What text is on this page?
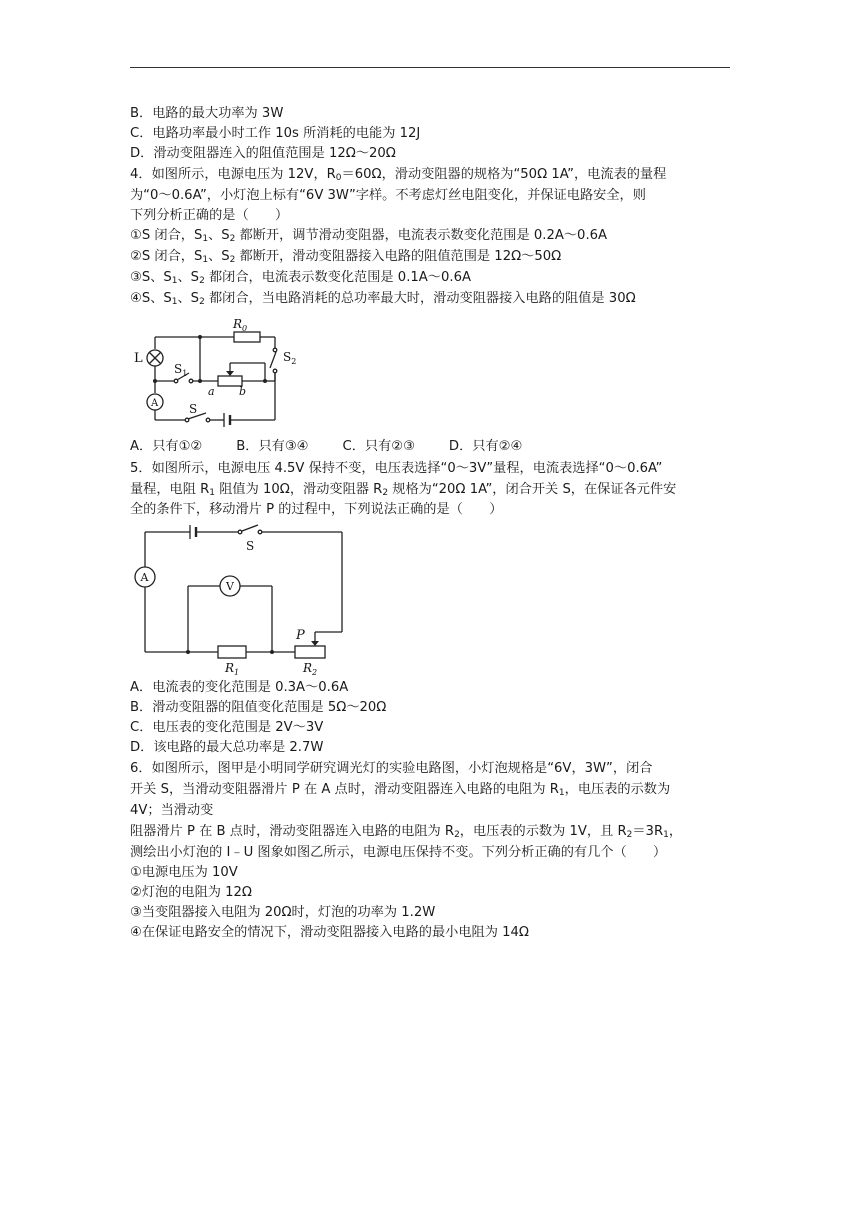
B．电路的最大功率为 3W
C．电路功率最小时工作 10s 所消耗的电能为 12J
D．滑动变阻器连入的阻值范围是 12Ω～20Ω
4．如图所示，电源电压为 12V，$R_0=60\Omega$，滑动变阻器的规格为“50Ω 1A”，电流表的量程
为“0～0.6A”，小灯泡上标有“6V 3W”字样。不考虑灯丝电阻变化，并保证电路安全，则
下列分析正确的是（　　）
①S 闭合，$S_1$、$S_2$ 都断开，调节滑动变阻器，电流表示数变化范围是 0.2A～0.6A
②S 闭合，$S_1$、$S_2$ 都断开，滑动变阻器接入电路的阻值范围是 12Ω～50Ω
③S、$S_1$、$S_2$ 都闭合，电流表示数变化范围是 0.1A～0.6A
④S、$S_1$、$S_2$ 都闭合，当电路消耗的总功率最大时，滑动变阻器接入电路的阻值是 30Ω
L
A
$R_0$
$S_1$
$S_2$
S
a b
A．只有①②	B．只有③④	C．只有②③	D．只有②④
5．如图所示，电源电压 4.5V 保持不变，电压表选择“0～3V”量程，电流表选择“0～0.6A”
量程，电阻 $R_1$ 阻值为 10Ω，滑动变阻器 $R_2$ 规格为“20Ω 1A”，闭合开关 S，在保证各元件安
全的条件下，移动滑片 P 的过程中，下列说法正确的是（　　）
A
V
S
P
$R_1$	$R_2$
A．电流表的变化范围是 0.3A～0.6A
B．滑动变阻器的阻值变化范围是 5Ω～20Ω
C．电压表的变化范围是 2V～3V
D．该电路的最大总功率是 2.7W
6．如图所示，图甲是小明同学研究调光灯的实验电路图，小灯泡规格是“6V，3W”，闭合
开关 S，当滑动变阻器滑片 P 在 A 点时，滑动变阻器连入电路的电阻为 $R_1$，电压表的示数为
4V；当滑动变
阻器滑片 P 在 B 点时，滑动变阻器连入电路的电阻为 $R_2$，电压表的示数为 1V，且 $R_2=3R_1$，
测绘出小灯泡的 I﹣U 图象如图乙所示，电源电压保持不变。下列分析正确的有几个（　　）
①电源电压为 10V
②灯泡的电阻为 12Ω
③当变阻器接入电阻为 20Ω时，灯泡的功率为 1.2W
④在保证电路安全的情况下，滑动变阻器接入电路的最小电阻为 14Ω
